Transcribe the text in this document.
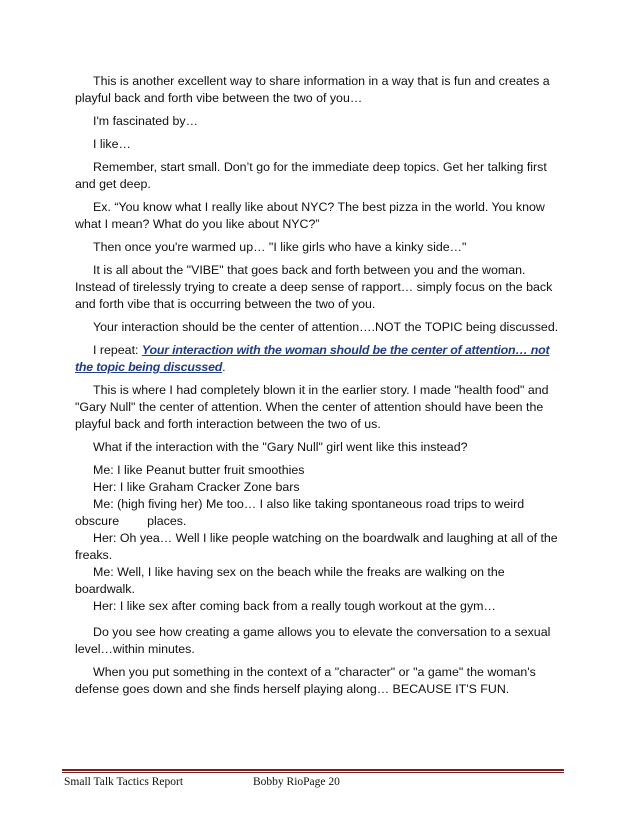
This is another excellent way to share information in a way that is fun and creates a playful back and forth vibe between the two of you…

I'm fascinated by…

I like…

Remember, start small. Don’t go for the immediate deep topics. Get her talking first and get deep.

Ex. “You know what I really like about NYC? The best pizza in the world. You know what I mean? What do you like about NYC?”

Then once you're warmed up… "I like girls who have a kinky side…"

It is all about the "VIBE" that goes back and forth between you and the woman. Instead of tirelessly trying to create a deep sense of rapport… simply focus on the back and forth vibe that is occurring between the two of you.

Your interaction should be the center of attention….NOT the TOPIC being discussed.

I repeat: Your interaction with the woman should be the center of attention… not the topic being discussed.

This is where I had completely blown it in the earlier story. I made "health food" and "Gary Null" the center of attention. When the center of attention should have been the playful back and forth interaction between the two of us.

What if the interaction with the "Gary Null" girl went like this instead?

Me: I like Peanut butter fruit smoothies

Her: I like Graham Cracker Zone bars

Me: (high fiving her) Me too… I also like taking spontaneous road trips to weird obscure places.

Her: Oh yea… Well I like people watching on the boardwalk and laughing at all of the freaks.

Me: Well, I like having sex on the beach while the freaks are walking on the boardwalk.

Her: I like sex after coming back from a really tough workout at the gym…

Do you see how creating a game allows you to elevate the conversation to a sexual level…within minutes.

When you put something in the context of a "character" or "a game" the woman's defense goes down and she finds herself playing along… BECAUSE IT'S FUN.

Small Talk Tactics Report	Bobby RioPage 20
